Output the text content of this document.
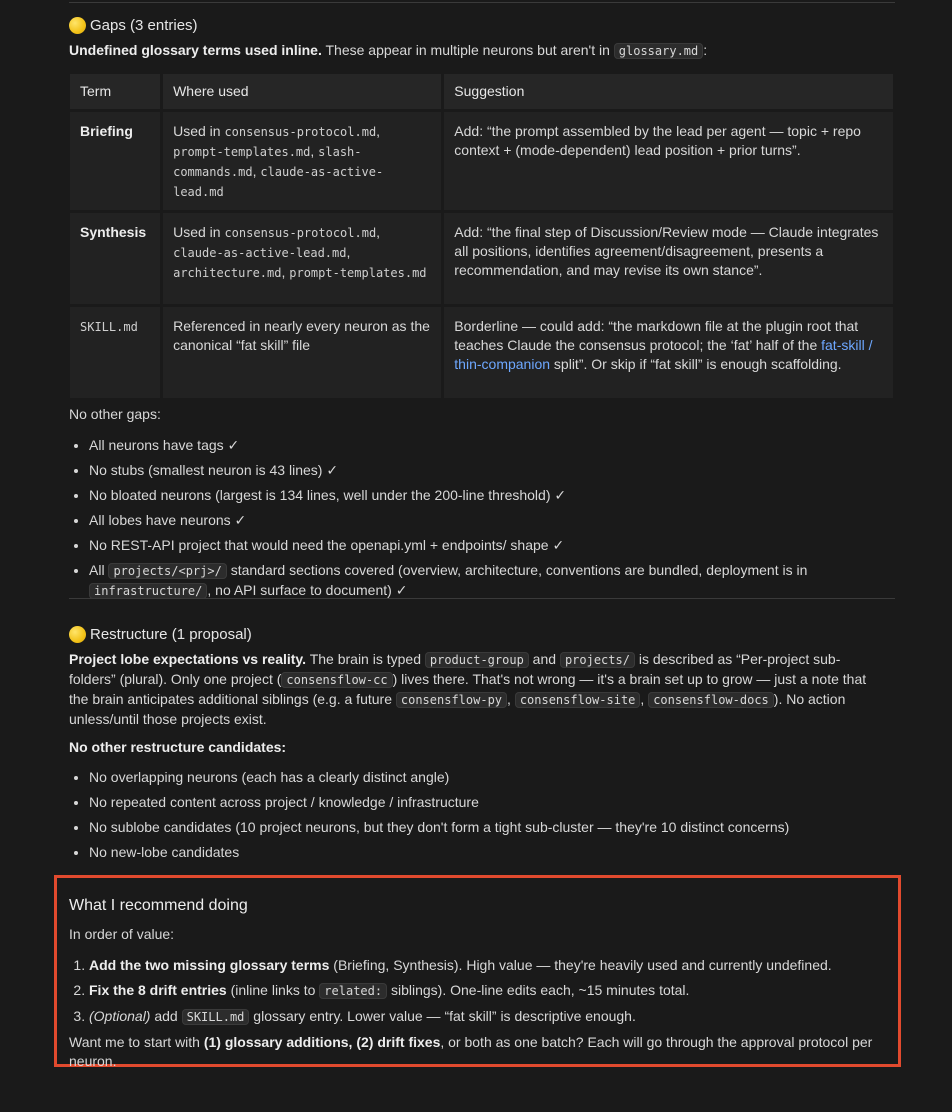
Gaps (3 entries)

Undefined glossary terms used inline. These appear in multiple neurons but aren't in glossary.md :

Term	Where used	Suggestion
Briefing	Used in consensus-protocol.md, prompt-templates.md, slash-commands.md, claude-as-active-lead.md	Add: “the prompt assembled by the lead per agent — topic + repo context + (mode-dependent) lead position + prior turns”.
Synthesis	Used in consensus-protocol.md, claude-as-active-lead.md, architecture.md, prompt-templates.md	Add: “the final step of Discussion/Review mode — Claude integrates all positions, identifies agreement/disagreement, presents a recommendation, and may revise its own stance”.
SKILL.md	Referenced in nearly every neuron as the canonical “fat skill” file	Borderline — could add: “the markdown file at the plugin root that teaches Claude the consensus protocol; the ‘fat’ half of the fat-skill / thin-companion split”. Or skip if “fat skill” is enough scaffolding.

No other gaps:

• All neurons have tags ✓
• No stubs (smallest neuron is 43 lines) ✓
• No bloated neurons (largest is 134 lines, well under the 200-line threshold) ✓
• All lobes have neurons ✓
• No REST-API project that would need the openapi.yml + endpoints/ shape ✓
• All projects/<prj>/ standard sections covered (overview, architecture, conventions are bundled, deployment is in infrastructure/ , no API surface to document) ✓
Restructure (1 proposal)

Project lobe expectations vs reality. The brain is typed product-group and projects/ is described as “Per-project sub-folders” (plural). Only one project ( consensflow-cc ) lives there. That's not wrong — it's a brain set up to grow — just a note that the brain anticipates additional siblings (e.g. a future consensflow-py , consensflow-site , consensflow-docs ). No action unless/until those projects exist.

No other restructure candidates:

• No overlapping neurons (each has a clearly distinct angle)
• No repeated content across project / knowledge / infrastructure
• No sublobe candidates (10 project neurons, but they don't form a tight sub-cluster — they're 10 distinct concerns)
• No new-lobe candidates
What I recommend doing

In order of value:

1. Add the two missing glossary terms (Briefing, Synthesis). High value — they're heavily used and currently undefined.
2. Fix the 8 drift entries (inline links to related: siblings). One-line edits each, ~15 minutes total.
3. (Optional) add SKILL.md glossary entry. Lower value — “fat skill” is descriptive enough.

Want me to start with (1) glossary additions, (2) drift fixes, or both as one batch? Each will go through the approval protocol per neuron.
